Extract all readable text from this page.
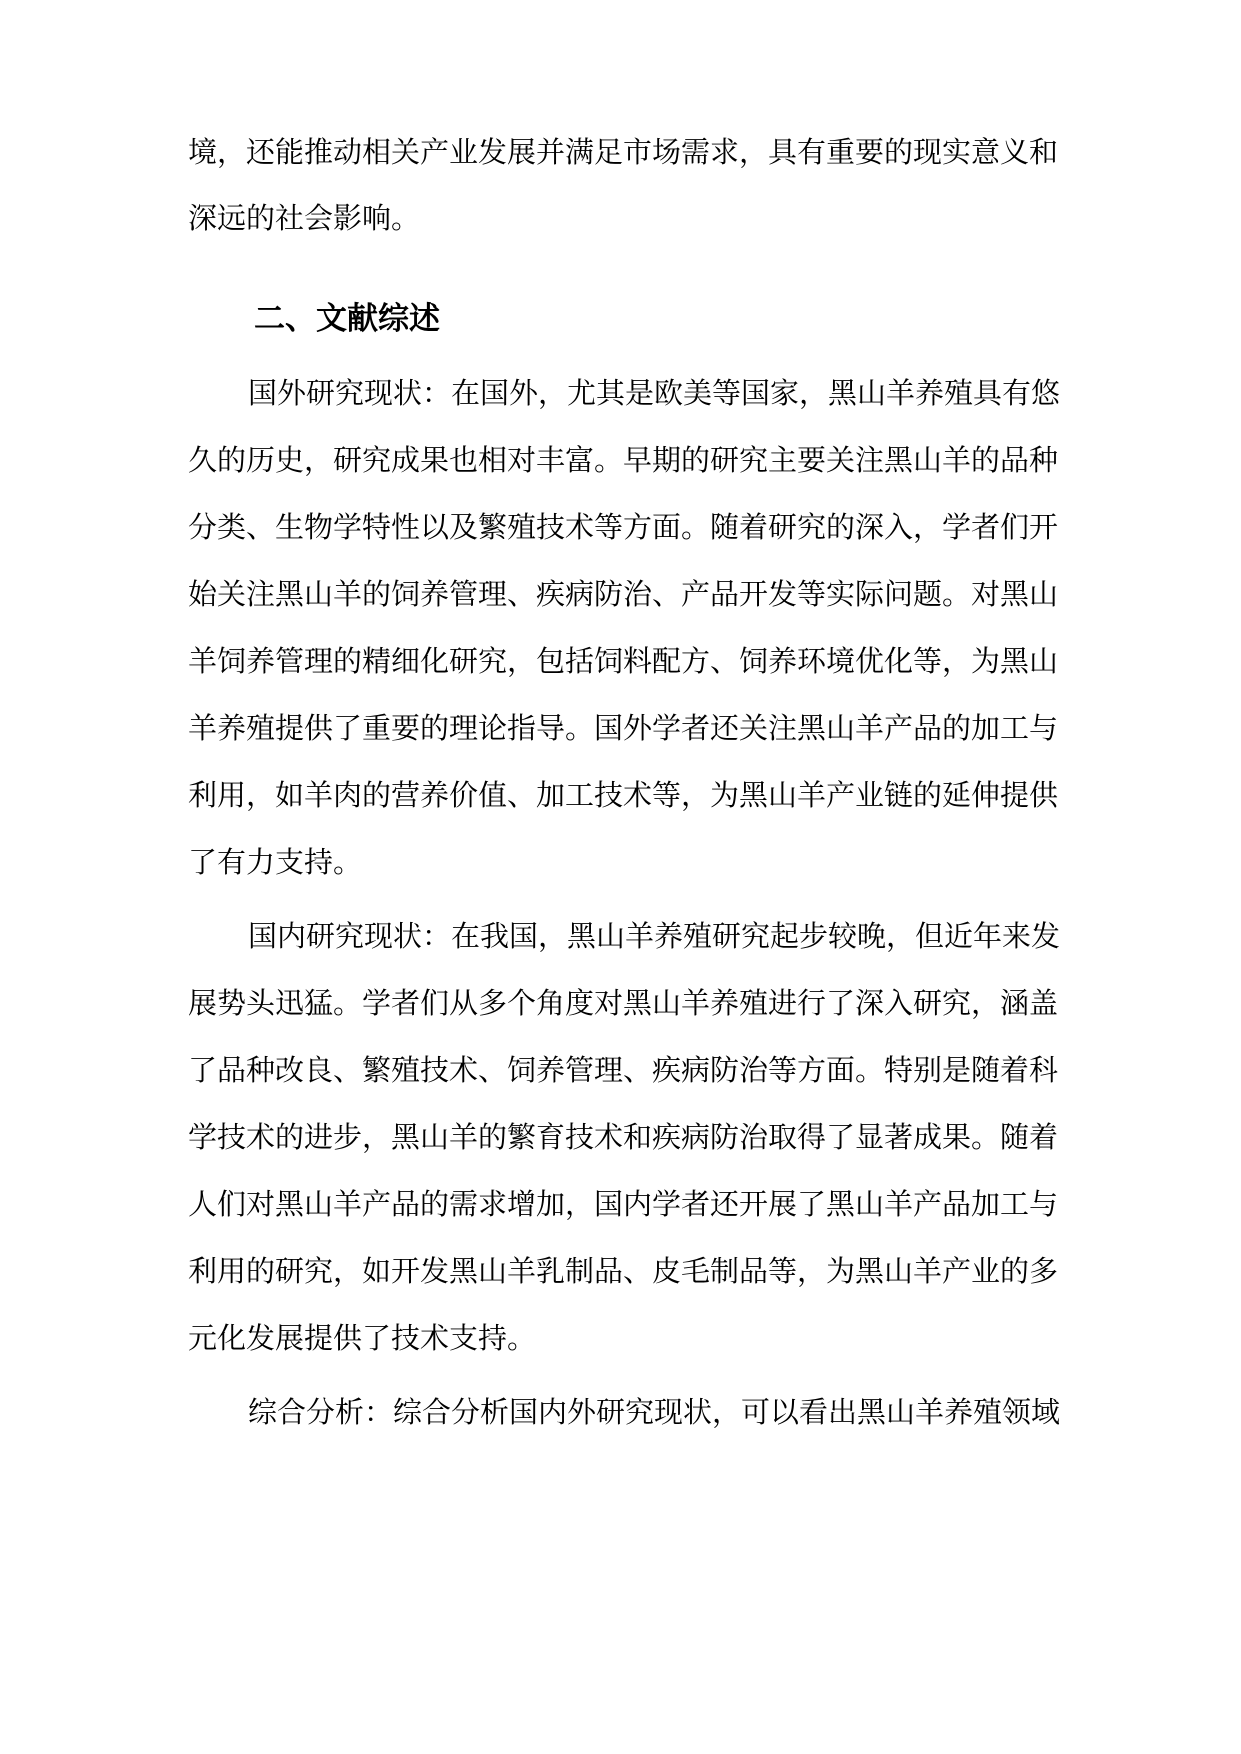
境，还能推动相关产业发展并满足市场需求，具有重要的现实意义和
深远的社会影响。
二、文献综述
国外研究现状：在国外，尤其是欧美等国家，黑山羊养殖具有悠
久的历史，研究成果也相对丰富。早期的研究主要关注黑山羊的品种
分类、生物学特性以及繁殖技术等方面。随着研究的深入，学者们开
始关注黑山羊的饲养管理、疾病防治、产品开发等实际问题。对黑山
羊饲养管理的精细化研究，包括饲料配方、饲养环境优化等，为黑山
羊养殖提供了重要的理论指导。国外学者还关注黑山羊产品的加工与
利用，如羊肉的营养价值、加工技术等，为黑山羊产业链的延伸提供
了有力支持。
国内研究现状：在我国，黑山羊养殖研究起步较晚，但近年来发
展势头迅猛。学者们从多个角度对黑山羊养殖进行了深入研究，涵盖
了品种改良、繁殖技术、饲养管理、疾病防治等方面。特别是随着科
学技术的进步，黑山羊的繁育技术和疾病防治取得了显著成果。随着
人们对黑山羊产品的需求增加，国内学者还开展了黑山羊产品加工与
利用的研究，如开发黑山羊乳制品、皮毛制品等，为黑山羊产业的多
元化发展提供了技术支持。
综合分析：综合分析国内外研究现状，可以看出黑山羊养殖领域
